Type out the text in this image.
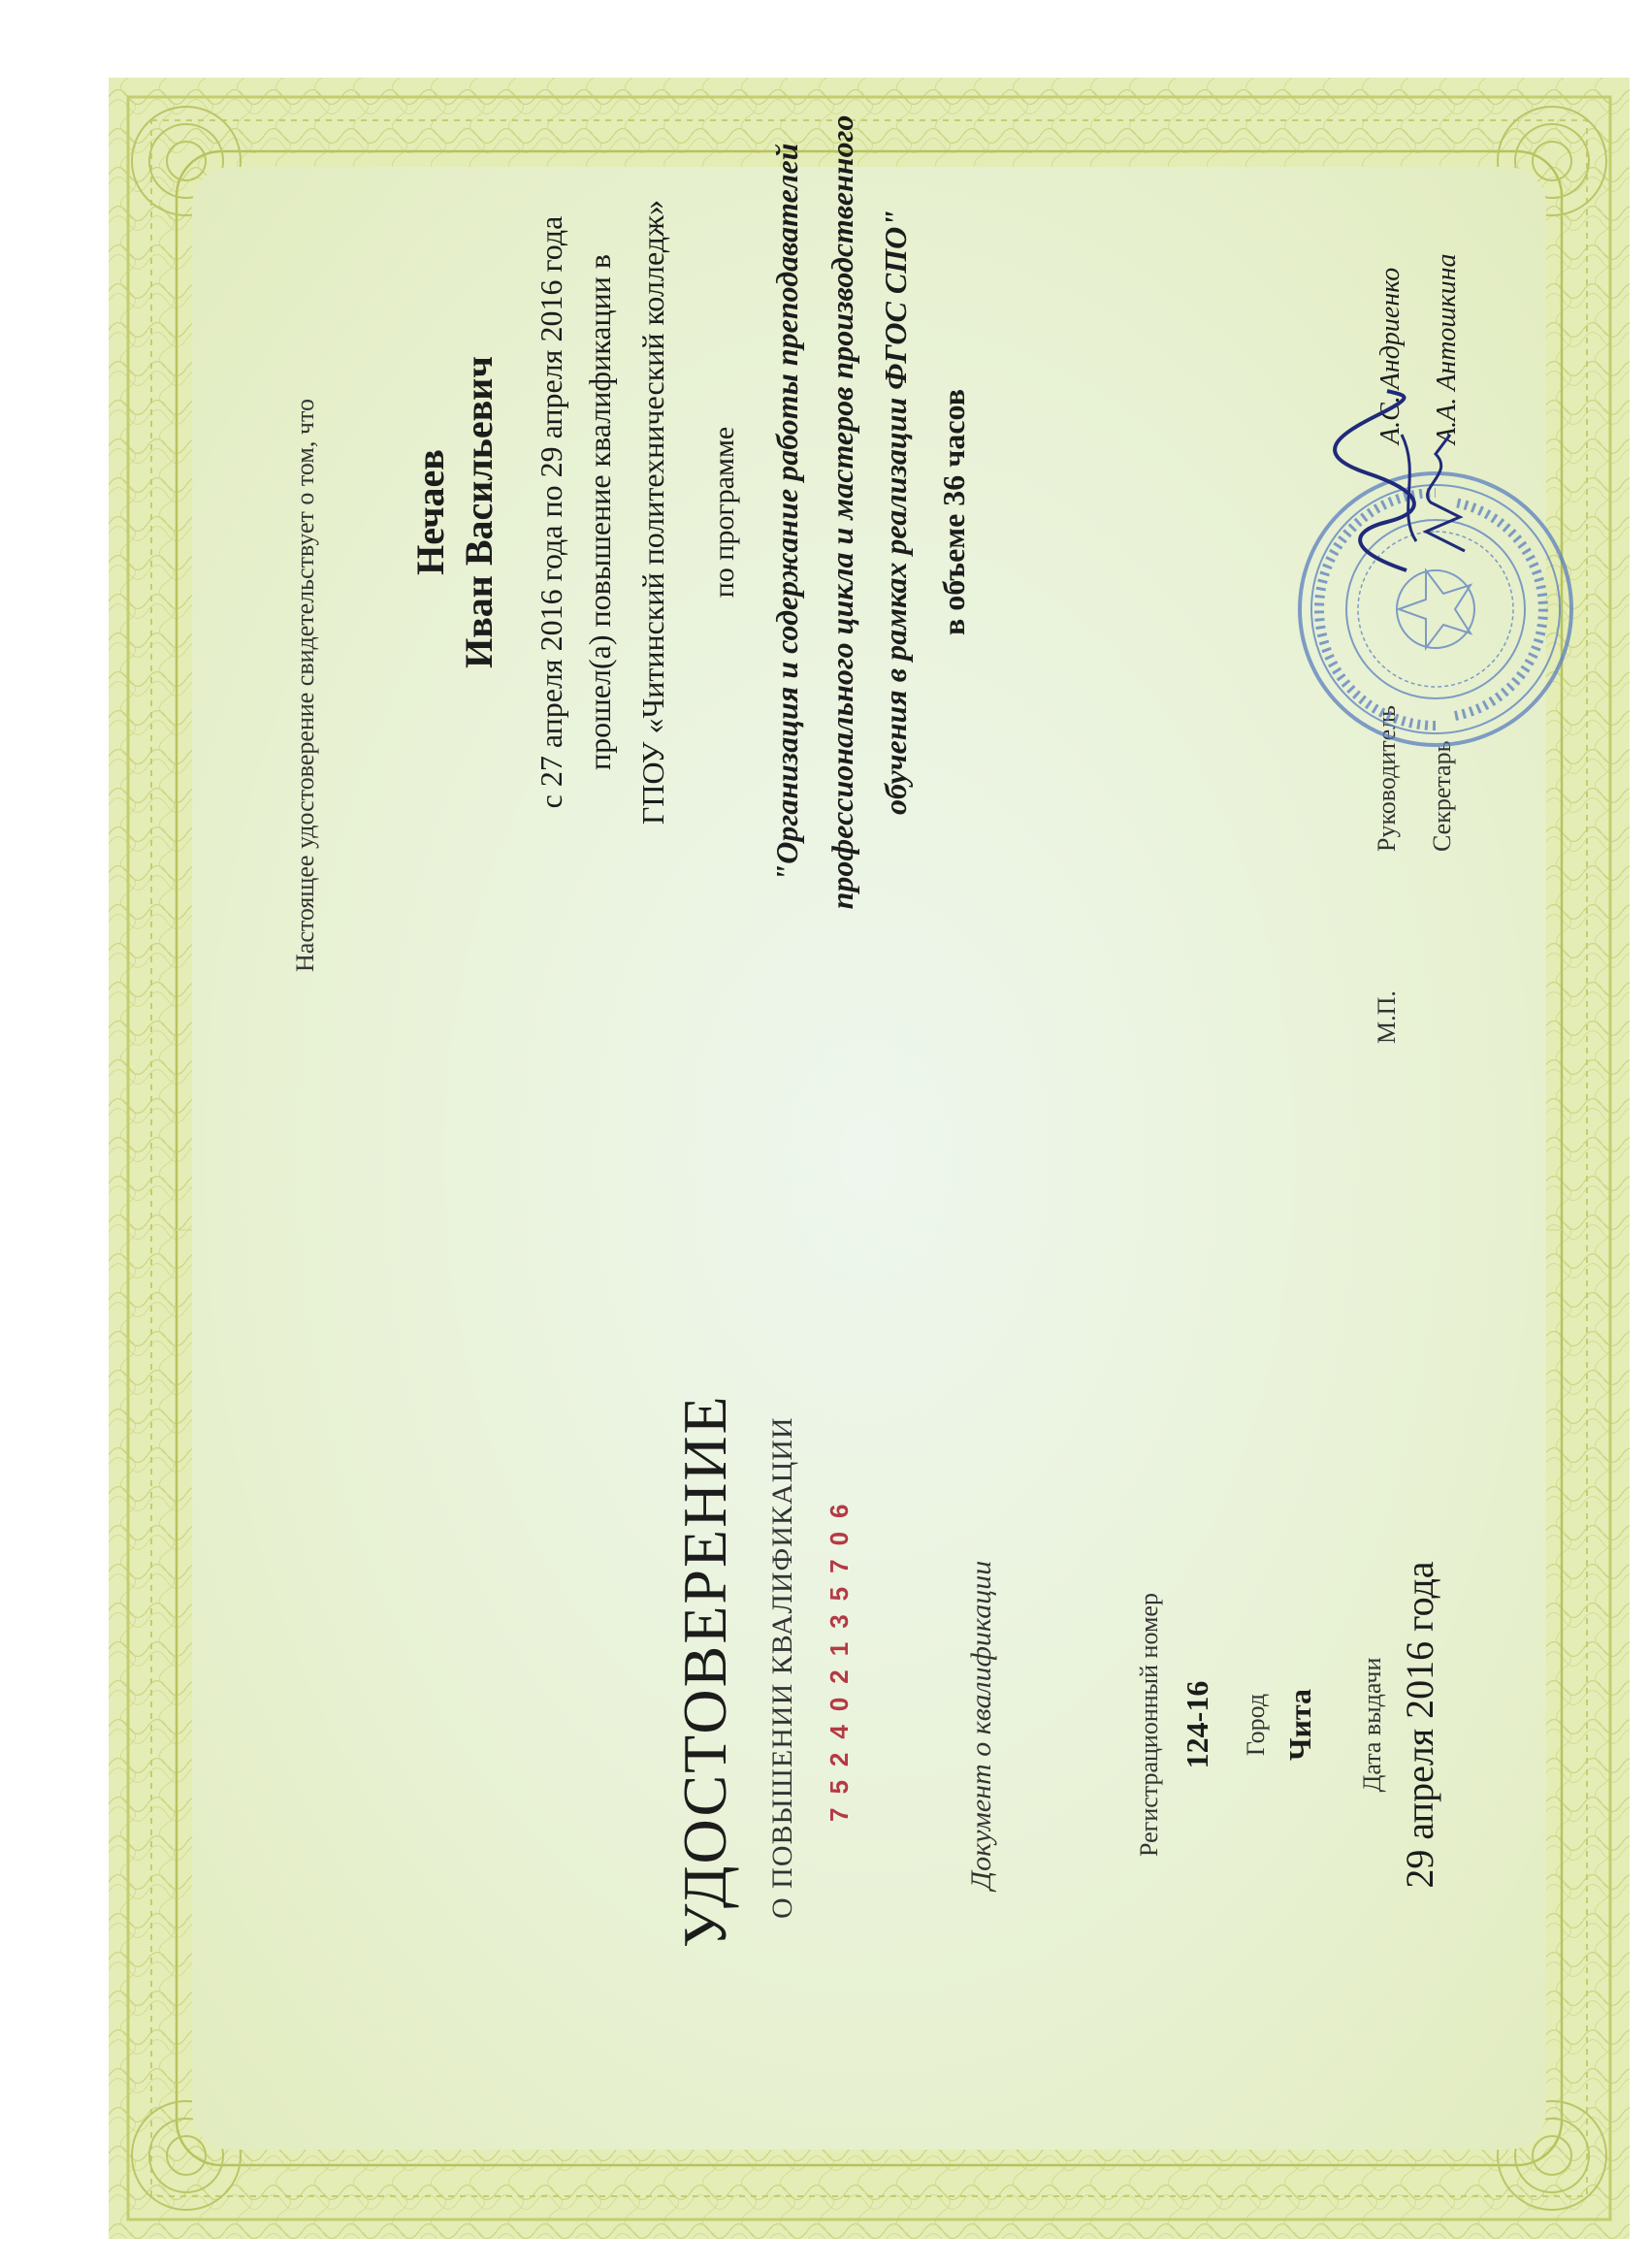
УДОСТОВЕРЕНИЕ О ПОВЫШЕНИИ КВАЛИФИКАЦИИ 752402135706	Документ о квалификации	Регистрационный номер 124-16 Город Чита Дата выдачи 29 апреля 2016 года
Настоящее удостоверение свидетельствует о том, что Нечаев Иван Васильевич с 27 апреля 2016 года по 29 апреля 2016 года прошел(а) повышение квалификации в ГПОУ «Читинский политехнический колледж» по программе "Организация и содержание работы преподавателей профессионального цикла и мастеров производственного обучения в рамках реализации ФГОС СПО" в объеме 36 часов
М.П.
Руководитель
А.С. Андриенко
Секретарь
А.А. Антошкина
